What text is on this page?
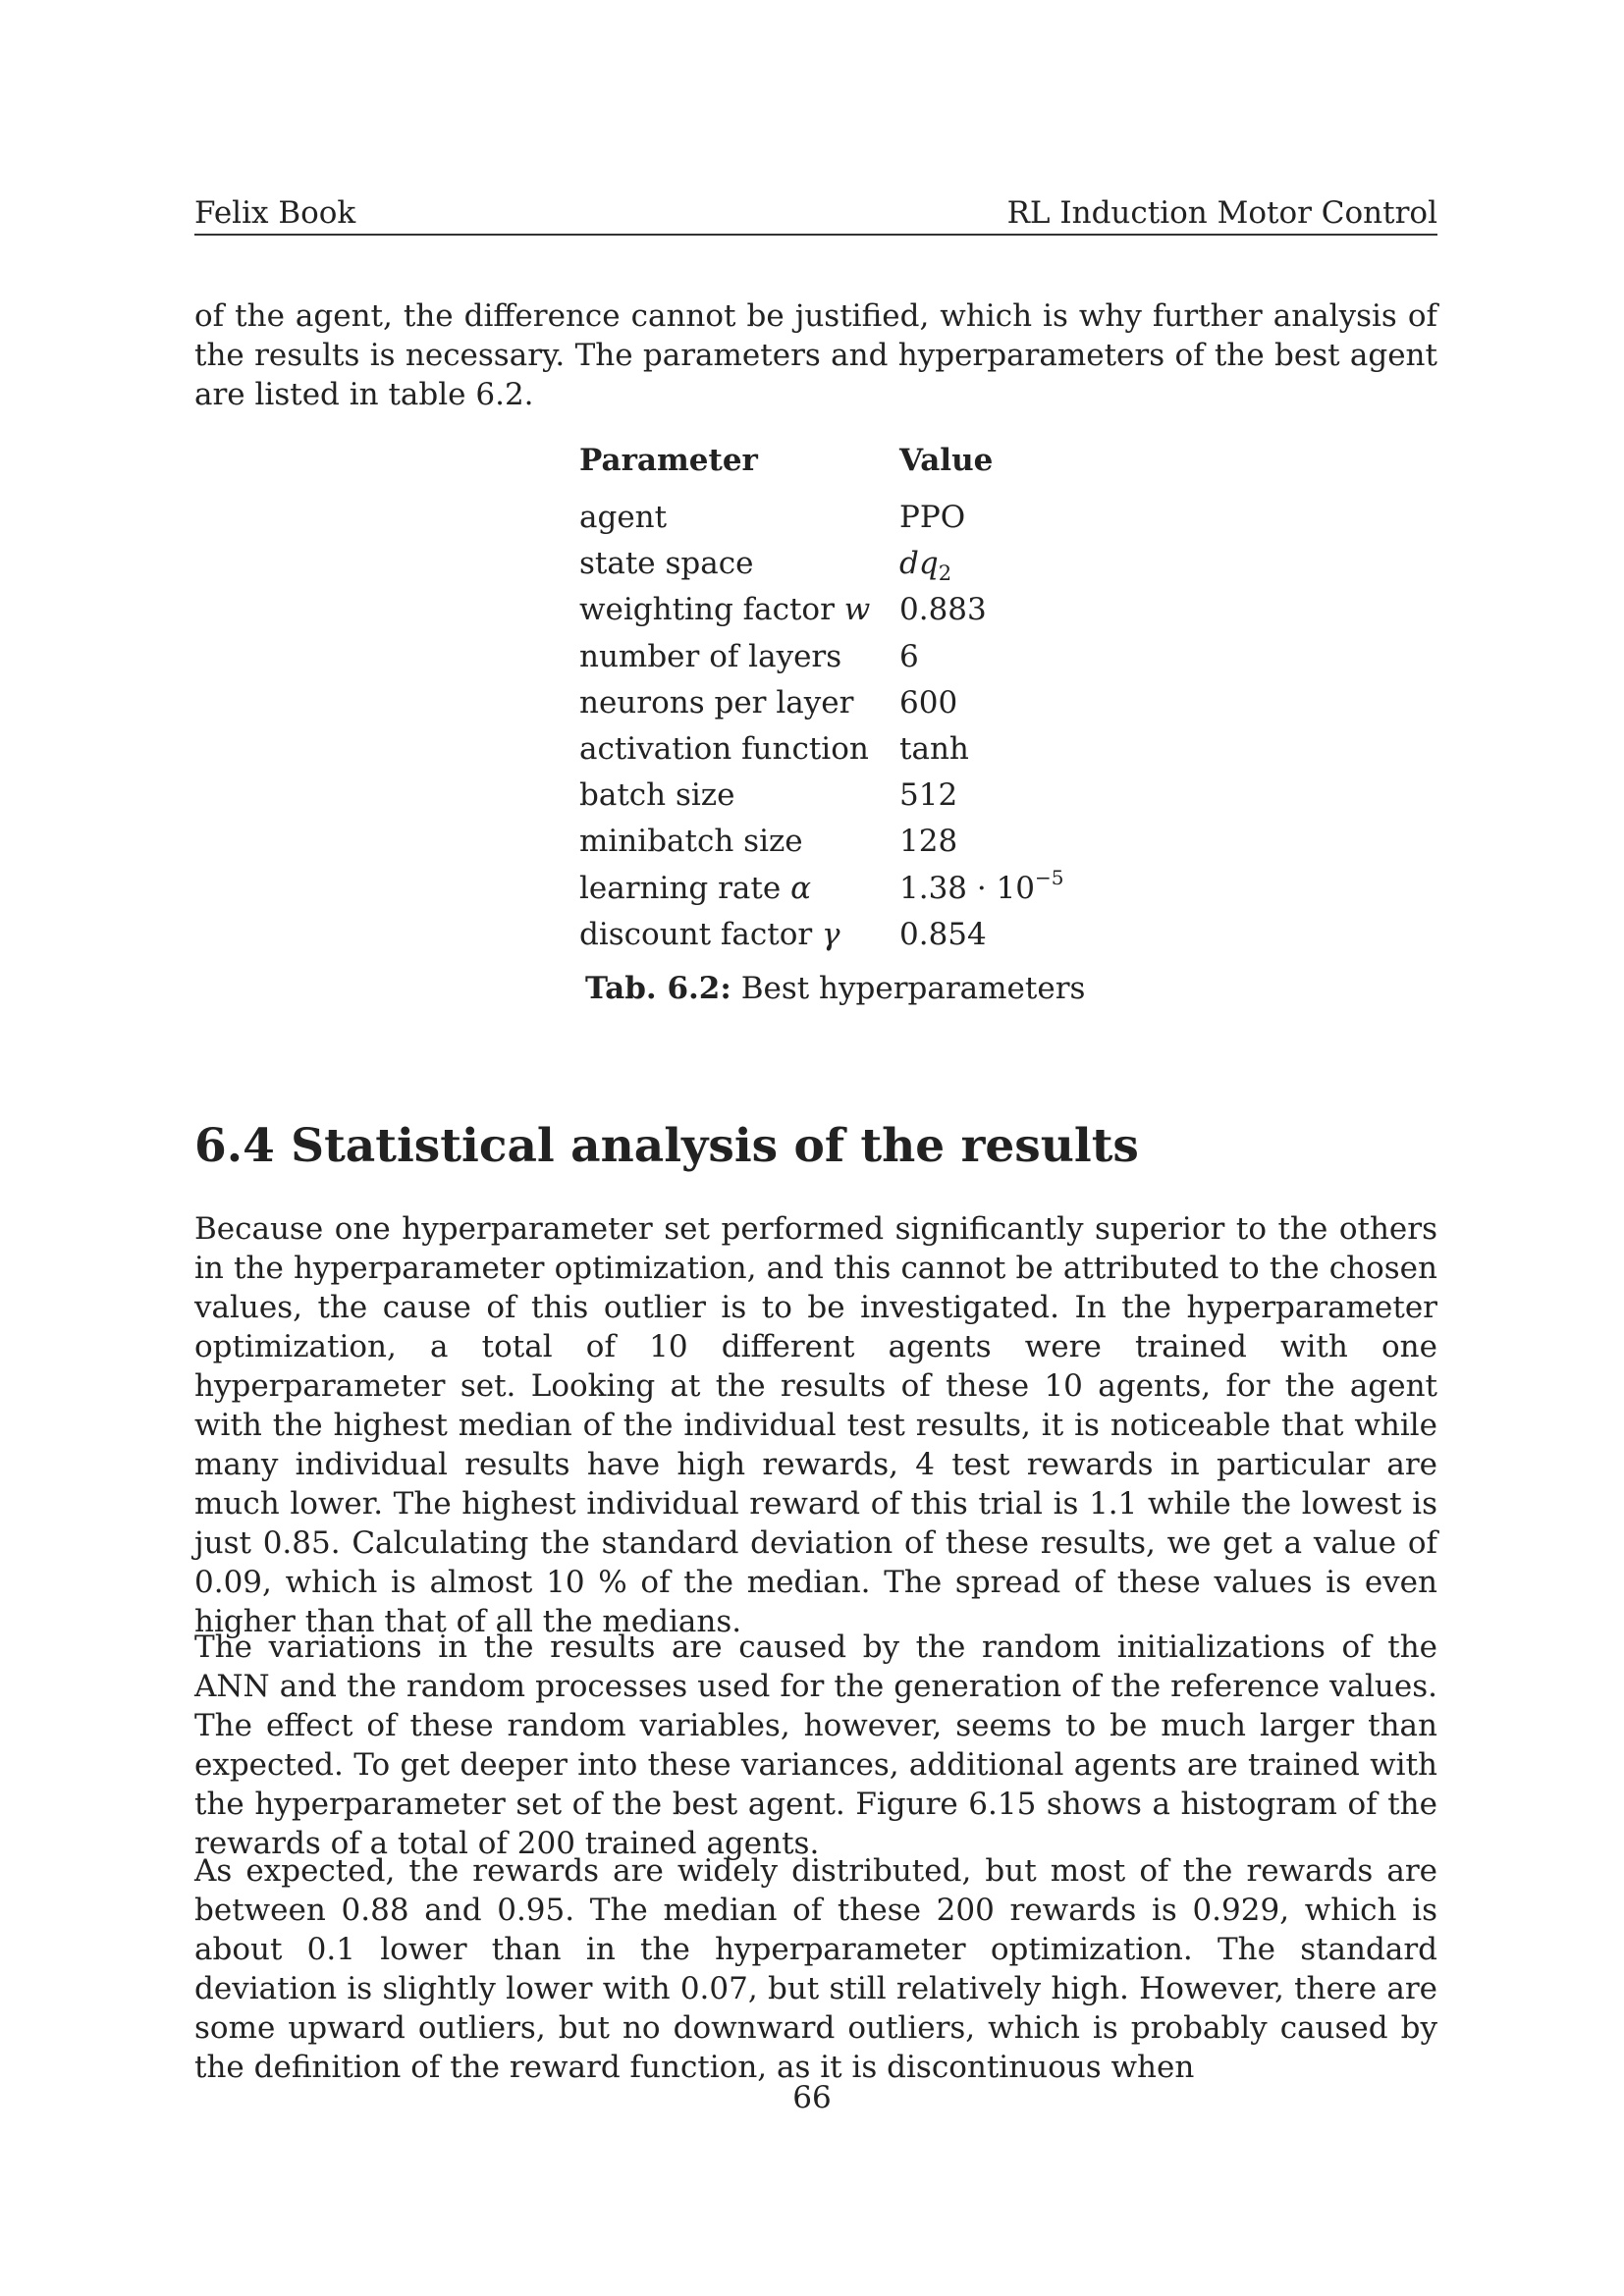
Felix Book	RL Induction Motor Control

of the agent, the difference cannot be justified, which is why further analysis of the results is necessary. The parameters and hyperparameters of the best agent are listed in table 6.2.

Parameter	Value
agent	PPO
state space	$dq_2$
weighting factor w 0.883
number of layers 6
neurons per layer 600
activation function tanh
batch size	512
minibatch size	128
learning rate α	$1.38 \cdot 10^{-5}$
discount factor γ 0.854
Tab. 6.2: Best hyperparameters
6.4 Statistical analysis of the results

Because one hyperparameter set performed significantly superior to the others in the hyperparameter optimization, and this cannot be attributed to the chosen values, the cause of this outlier is to be investigated. In the hyperparameter optimization, a total of 10 different agents were trained with one hyperparameter set. Looking at the results of these 10 agents, for the agent with the highest median of the individual test results, it is noticeable that while many individual results have high rewards, 4 test rewards in particular are much lower. The highest individual reward of this trial is 1.1 while the lowest is just 0.85. Calculating the standard deviation of these results, we get a value of 0.09, which is almost 10 % of the median. The spread of these values is even higher than that of all the medians.

The variations in the results are caused by the random initializations of the ANN and the random processes used for the generation of the reference values. The effect of these random variables, however, seems to be much larger than expected. To get deeper into these variances, additional agents are trained with the hyperparameter set of the best agent. Figure 6.15 shows a histogram of the rewards of a total of 200 trained agents.

As expected, the rewards are widely distributed, but most of the rewards are between 0.88 and 0.95. The median of these 200 rewards is 0.929, which is about 0.1 lower than in the hyperparameter optimization. The standard deviation is slightly lower with 0.07, but still relatively high. However, there are some upward outliers, but no downward outliers, which is probably caused by the definition of the reward function, as it is discontinuous when

66
